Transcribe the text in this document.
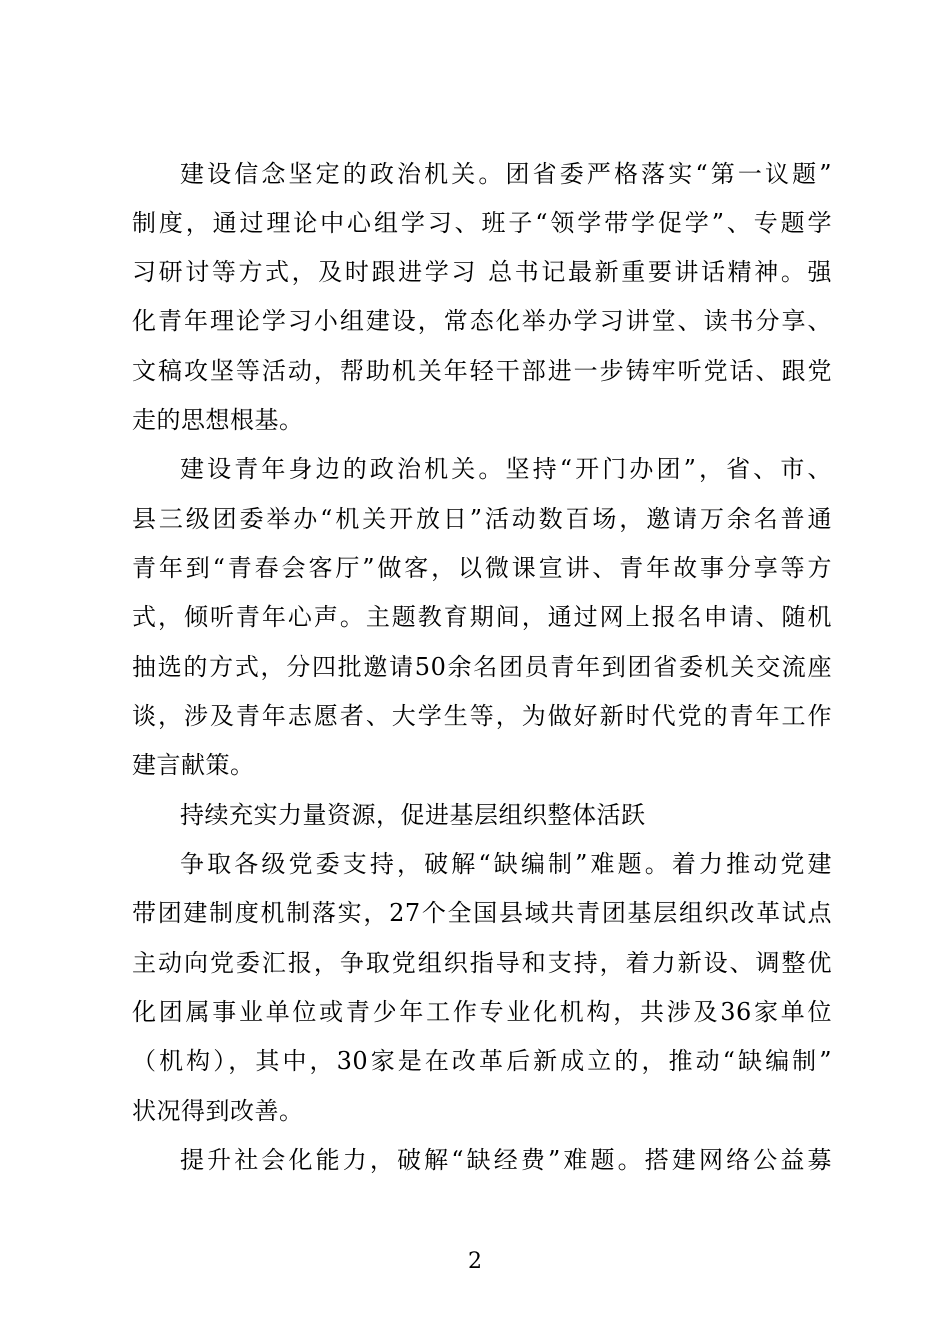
建设信念坚定的政治机关。团省委严格落实“第一议题”
制度，通过理论中心组学习、班子“领学带学促学”、专题学
习研讨等方式，及时跟进学习 总书记最新重要讲话精神。强
化青年理论学习小组建设，常态化举办学习讲堂、读书分享、
文稿攻坚等活动，帮助机关年轻干部进一步铸牢听党话、跟党
走的思想根基。
建设青年身边的政治机关。坚持“开门办团”，省、市、
县三级团委举办“机关开放日”活动数百场，邀请万余名普通
青年到“青春会客厅”做客，以微课宣讲、青年故事分享等方
式，倾听青年心声。主题教育期间，通过网上报名申请、随机
抽选的方式，分四批邀请50余名团员青年到团省委机关交流座
谈，涉及青年志愿者、大学生等，为做好新时代党的青年工作
建言献策。
持续充实力量资源，促进基层组织整体活跃
争取各级党委支持，破解“缺编制”难题。着力推动党建
带团建制度机制落实，27个全国县域共青团基层组织改革试点
主动向党委汇报，争取党组织指导和支持，着力新设、调整优
化团属事业单位或青少年工作专业化机构，共涉及36家单位
（机构），其中，30家是在改革后新成立的，推动“缺编制”
状况得到改善。
提升社会化能力，破解“缺经费”难题。搭建网络公益募
2
